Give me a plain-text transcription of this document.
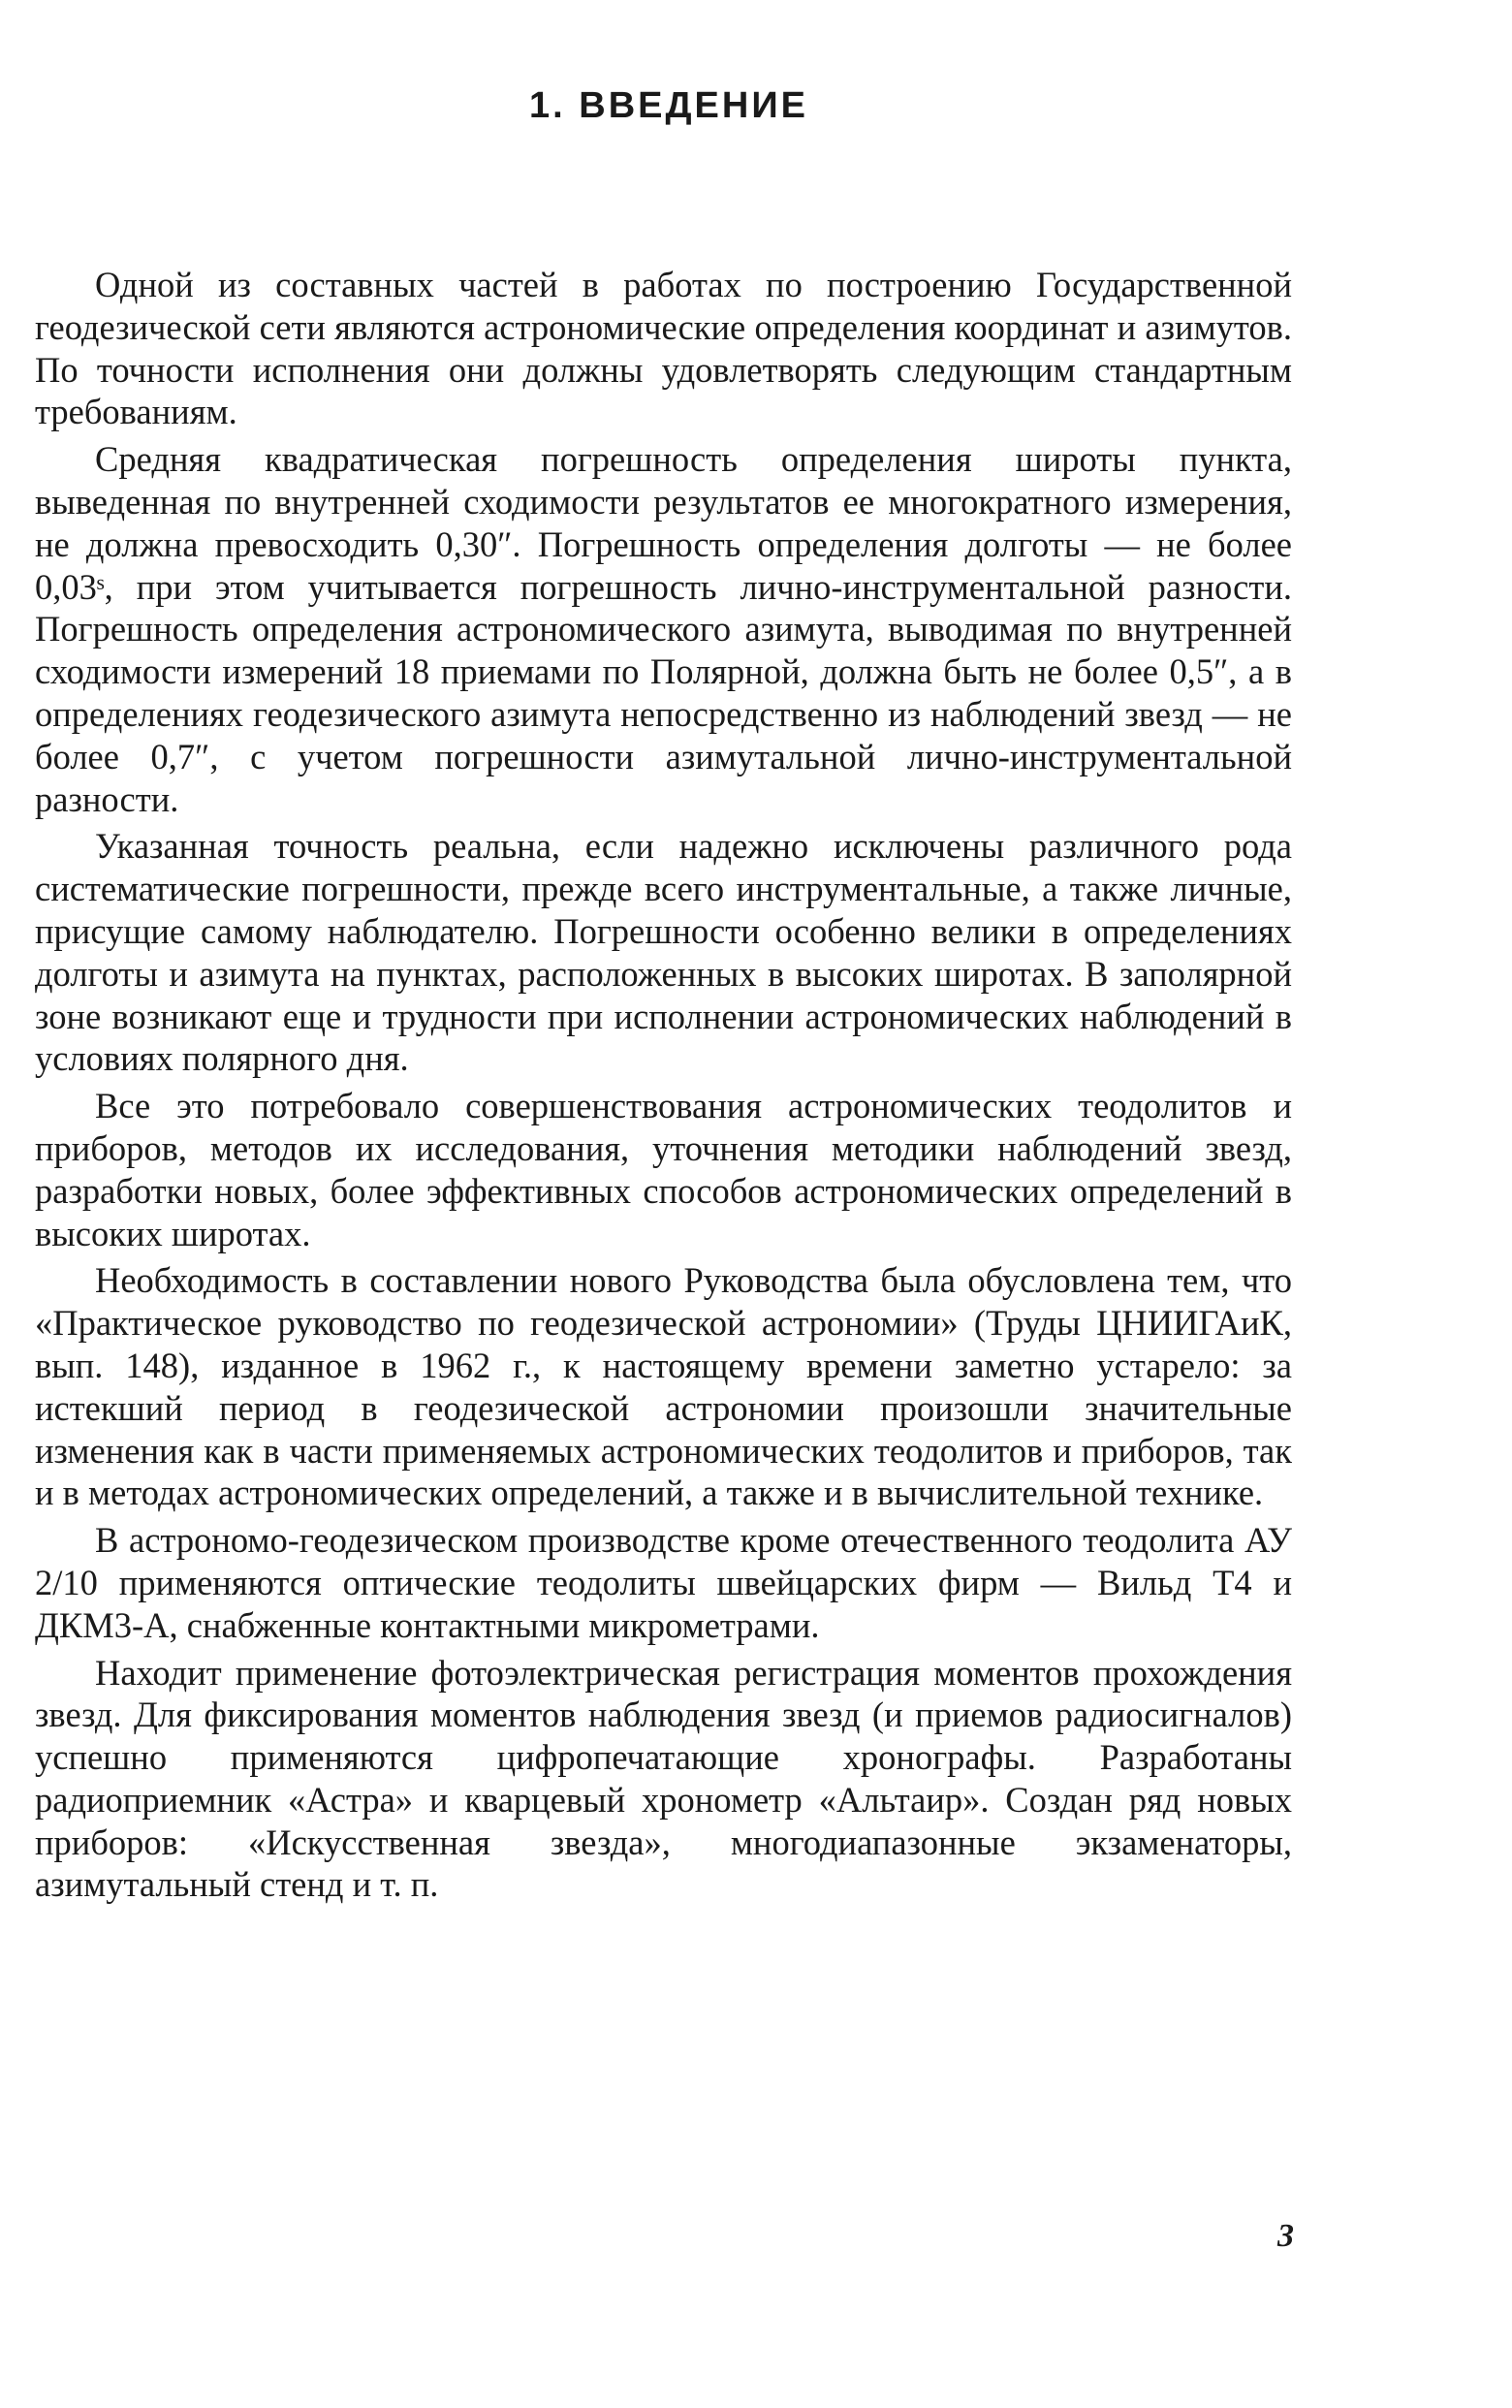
1. ВВЕДЕНИЕ

Одной из составных частей в работах по построению Государственной геодезической сети являются астрономические определения координат и азимутов. По точности исполнения они должны удовлетворять следующим стандартным требованиям.

Средняя квадратическая погрешность определения широты пункта, выведенная по внутренней сходимости результатов ее многократного измерения, не должна превосходить 0,30″. Погрешность определения долготы — не более 0,03ˢ, при этом учитывается погрешность лично-инструментальной разности. Погрешность определения астрономического азимута, выводимая по внутренней сходимости измерений 18 приемами по Полярной, должна быть не более 0,5″, а в определениях геодезического азимута непосредственно из наблюдений звезд — не более 0,7″, с учетом погрешности азимутальной лично-инструментальной разности.

Указанная точность реальна, если надежно исключены различного рода систематические погрешности, прежде всего инструментальные, а также личные, присущие самому наблюдателю. Погрешности особенно велики в определениях долготы и азимута на пунктах, расположенных в высоких широтах. В заполярной зоне возникают еще и трудности при исполнении астрономических наблюдений в условиях полярного дня.

Все это потребовало совершенствования астрономических теодолитов и приборов, методов их исследования, уточнения методики наблюдений звезд, разработки новых, более эффективных способов астрономических определений в высоких широтах.

Необходимость в составлении нового Руководства была обусловлена тем, что «Практическое руководство по геодезической астрономии» (Труды ЦНИИГАиК, вып. 148), изданное в 1962 г., к настоящему времени заметно устарело: за истекший период в геодезической астрономии произошли значительные изменения как в части применяемых астрономических теодолитов и приборов, так и в методах астрономических определений, а также и в вычислительной технике.

В астрономо-геодезическом производстве кроме отечественного теодолита АУ 2/10 применяются оптические теодолиты швейцарских фирм — Вильд Т4 и ДКМ3-А, снабженные контактными микрометрами.

Находит применение фотоэлектрическая регистрация моментов прохождения звезд. Для фиксирования моментов наблюдения звезд (и приемов радиосигналов) успешно применяются цифропечатающие хронографы. Разработаны радиоприемник «Астра» и кварцевый хронометр «Альтаир». Создан ряд новых приборов: «Искусственная звезда», многодиапазонные экзаменаторы, азимутальный стенд и т. п.

3
